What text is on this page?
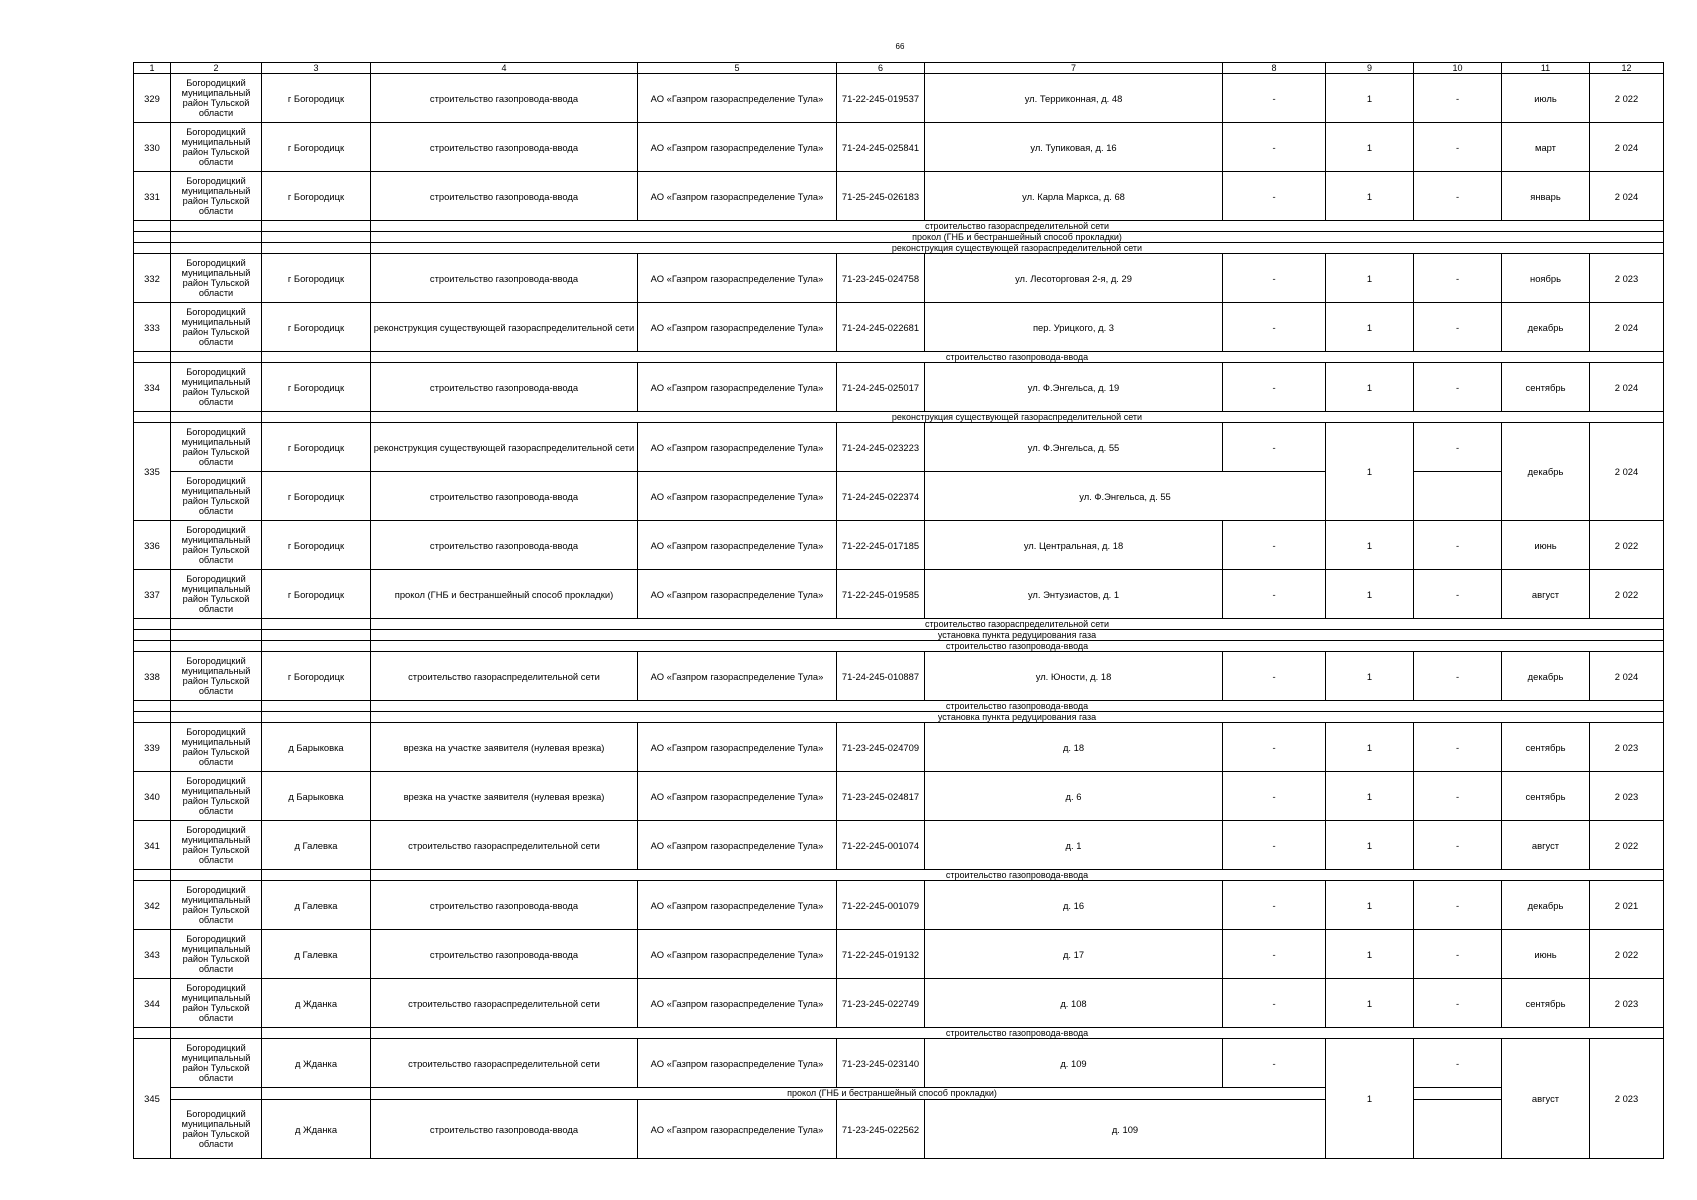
66
1	2	3	4	5	6	7	8	9	10	11	12
329	Богородицкий муниципальный район Тульской области	г Богородицк	строительство газопровода-ввода	АО «Газпром газораспределение Тула»	71-22-245-019537	ул. Терриконная, д. 48	-	1	-	июль	2 022
330	Богородицкий муниципальный район Тульской области	г Богородицк	строительство газопровода-ввода	АО «Газпром газораспределение Тула»	71-24-245-025841	ул. Тупиковая, д. 16	-	1	-	март	2 024
331	Богородицкий муниципальный район Тульской области	г Богородицк	строительство газопровода-ввода	АО «Газпром газораспределение Тула»	71-25-245-026183	ул. Карла Маркса, д. 68	-	1	-	январь	2 024
			строительство газораспределительной сети								
			прокол (ГНБ и бестраншейный способ прокладки)								
			реконструкция существующей газораспределительной сети								
332	Богородицкий муниципальный район Тульской области	г Богородицк	строительство газопровода-ввода	АО «Газпром газораспределение Тула»	71-23-245-024758	ул. Лесоторговая 2-я, д. 29	-	1	-	ноябрь	2 023
333	Богородицкий муниципальный район Тульской области	г Богородицк	реконструкция существующей газораспределительной сети	АО «Газпром газораспределение Тула»	71-24-245-022681	пер. Урицкого, д. 3	-	1	-	декабрь	2 024
			строительство газопровода-ввода								
334	Богородицкий муниципальный район Тульской области	г Богородицк	строительство газопровода-ввода	АО «Газпром газораспределение Тула»	71-24-245-025017	ул. Ф.Энгельса, д. 19	-	1	-	сентябрь	2 024
			реконструкция существующей газораспределительной сети								
335	Богородицкий муниципальный район Тульской области	г Богородицк	реконструкция существующей газораспределительной сети	АО «Газпром газораспределение Тула»	71-24-245-023223	ул. Ф.Энгельса, д. 55	-	1	-	декабрь	2 024
	Богородицкий муниципальный район Тульской области	г Богородицк	строительство газопровода-ввода	АО «Газпром газораспределение Тула»	71-24-245-022374	ул. Ф.Энгельса, д. 55					
336	Богородицкий муниципальный район Тульской области	г Богородицк	строительство газопровода-ввода	АО «Газпром газораспределение Тула»	71-22-245-017185	ул. Центральная, д. 18	-	1	-	июнь	2 022
337	Богородицкий муниципальный район Тульской области	г Богородицк	прокол (ГНБ и бестраншейный способ прокладки)	АО «Газпром газораспределение Тула»	71-22-245-019585	ул. Энтузиастов, д. 1	-	1	-	август	2 022
			строительство газораспределительной сети								
			установка пункта редуцирования газа								
			строительство газопровода-ввода								
338	Богородицкий муниципальный район Тульской области	г Богородицк	строительство газораспределительной сети	АО «Газпром газораспределение Тула»	71-24-245-010887	ул. Юности, д. 18	-	1	-	декабрь	2 024
			строительство газопровода-ввода								
			установка пункта редуцирования газа								
339	Богородицкий муниципальный район Тульской области	д Барыковка	врезка на участке заявителя (нулевая врезка)	АО «Газпром газораспределение Тула»	71-23-245-024709	д. 18	-	1	-	сентябрь	2 023
340	Богородицкий муниципальный район Тульской области	д Барыковка	врезка на участке заявителя (нулевая врезка)	АО «Газпром газораспределение Тула»	71-23-245-024817	д. 6	-	1	-	сентябрь	2 023
341	Богородицкий муниципальный район Тульской области	д Галевка	строительство газораспределительной сети	АО «Газпром газораспределение Тула»	71-22-245-001074	д. 1	-	1	-	август	2 022
			строительство газопровода-ввода								
342	Богородицкий муниципальный район Тульской области	д Галевка	строительство газопровода-ввода	АО «Газпром газораспределение Тула»	71-22-245-001079	д. 16	-	1	-	декабрь	2 021
343	Богородицкий муниципальный район Тульской области	д Галевка	строительство газопровода-ввода	АО «Газпром газораспределение Тула»	71-22-245-019132	д. 17	-	1	-	июнь	2 022
344	Богородицкий муниципальный район Тульской области	д Жданка	строительство газораспределительной сети	АО «Газпром газораспределение Тула»	71-23-245-022749	д. 108	-	1	-	сентябрь	2 023
			строительство газопровода-ввода								
345	Богородицкий муниципальный район Тульской области	д Жданка	строительство газораспределительной сети	АО «Газпром газораспределение Тула»	71-23-245-023140	д. 109	-	1	-	август	2 023
			прокол (ГНБ и бестраншейный способ прокладки)								
	Богородицкий муниципальный район Тульской области	д Жданка	строительство газопровода-ввода	АО «Газпром газораспределение Тула»	71-23-245-022562	д. 109					
